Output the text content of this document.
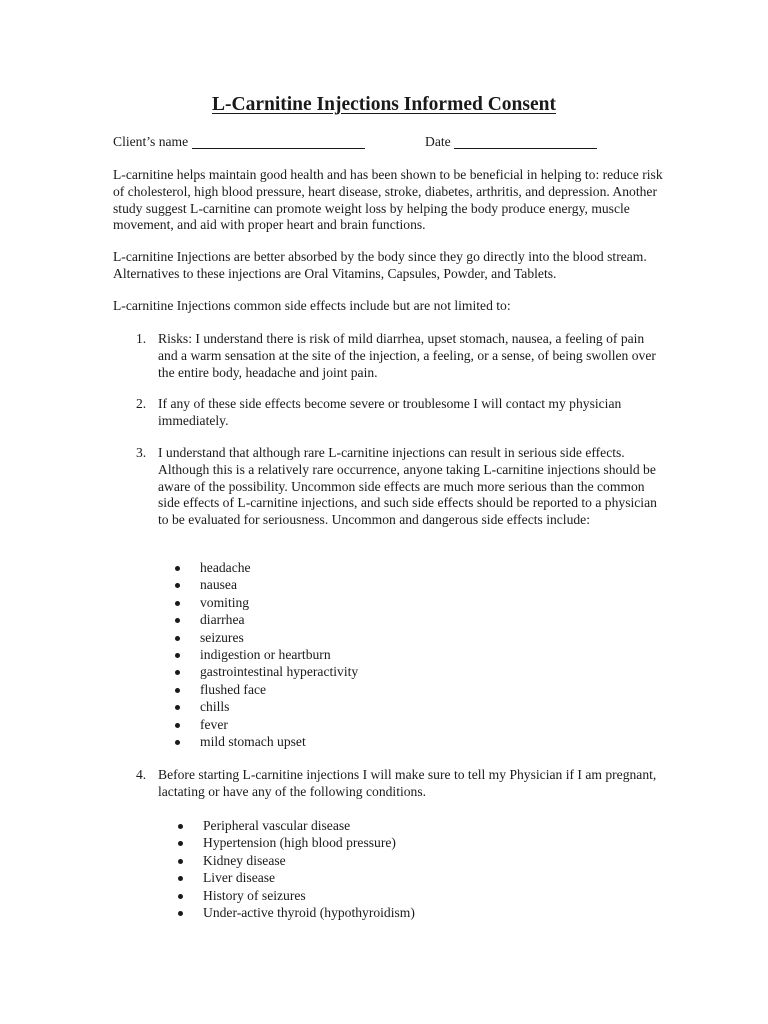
L-Carnitine Injections Informed Consent
Client’s name	Date

L-carnitine helps maintain good health and has been shown to be beneficial in helping to: reduce risk of cholesterol, high blood pressure, heart disease, stroke, diabetes, arthritis, and depression. Another study suggest L-carnitine can promote weight loss by helping the body produce energy, muscle movement, and aid with proper heart and brain functions.

L-carnitine Injections are better absorbed by the body since they go directly into the blood stream. Alternatives to these injections are Oral Vitamins, Capsules, Powder, and Tablets.

L-carnitine Injections common side effects include but are not limited to:

1. Risks: I understand there is risk of mild diarrhea, upset stomach, nausea, a feeling of pain and a warm sensation at the site of the injection, a feeling, or a sense, of being swollen over the entire body, headache and joint pain.
2. If any of these side effects become severe or troublesome I will contact my physician immediately.
3. I understand that although rare L-carnitine injections can result in serious side effects. Although this is a relatively rare occurrence, anyone taking L-carnitine injections should be aware of the possibility. Uncommon side effects are much more serious than the common side effects of L-carnitine injections, and such side effects should be reported to a physician to be evaluated for seriousness. Uncommon and dangerous side effects include:
headache
nausea
vomiting
diarrhea
seizures
indigestion or heartburn
gastrointestinal hyperactivity
flushed face
chills
fever
mild stomach upset
4. Before starting L-carnitine injections I will make sure to tell my Physician if I am pregnant, lactating or have any of the following conditions.
Peripheral vascular disease
Hypertension (high blood pressure)
Kidney disease
Liver disease
History of seizures
Under-active thyroid (hypothyroidism)
